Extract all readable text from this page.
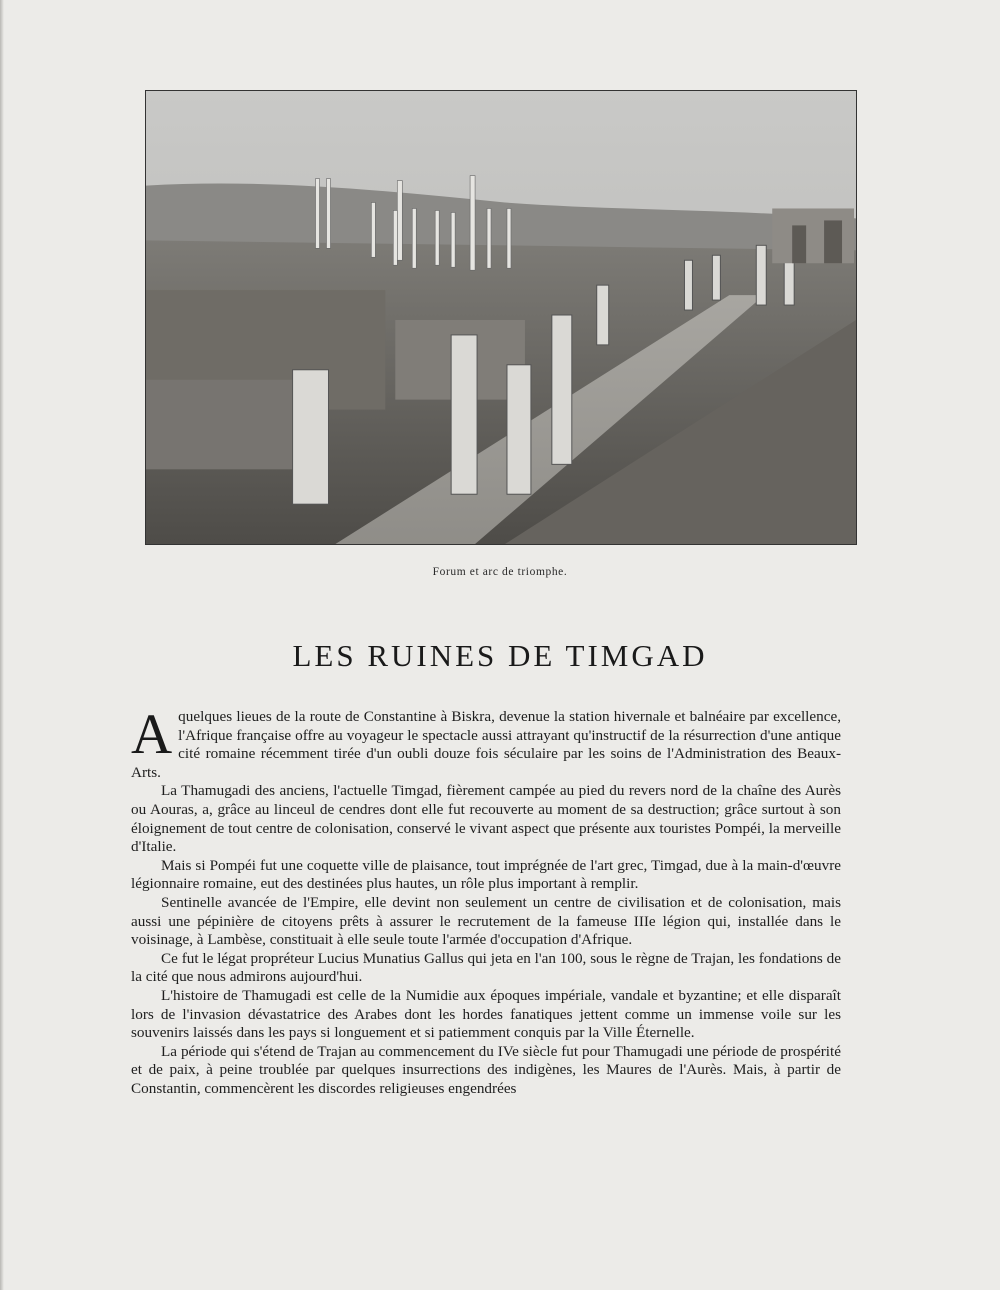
Forum et arc de triomphe.
LES RUINES DE TIMGAD

Aquelques lieues de la route de Constantine à Biskra, devenue la station hivernale et balnéaire par excellence, l'Afrique française offre au voyageur le spectacle aussi attrayant qu'instructif de la résurrection d'une antique cité romaine récemment tirée d'un oubli douze fois séculaire par les soins de l'Administration des Beaux-Arts.

La Thamugadi des anciens, l'actuelle Timgad, fièrement campée au pied du revers nord de la chaîne des Aurès ou Aouras, a, grâce au linceul de cendres dont elle fut recouverte au moment de sa destruction; grâce surtout à son éloignement de tout centre de colonisation, conservé le vivant aspect que présente aux touristes Pompéi, la merveille d'Italie.

Mais si Pompéi fut une coquette ville de plaisance, tout imprégnée de l'art grec, Timgad, due à la main-d'œuvre légionnaire romaine, eut des destinées plus hautes, un rôle plus important à remplir.

Sentinelle avancée de l'Empire, elle devint non seulement un centre de civilisation et de colonisation, mais aussi une pépinière de citoyens prêts à assurer le recrutement de la fameuse IIIe légion qui, installée dans le voisinage, à Lambèse, constituait à elle seule toute l'armée d'occupation d'Afrique.

Ce fut le légat propréteur Lucius Munatius Gallus qui jeta en l'an 100, sous le règne de Trajan, les fondations de la cité que nous admirons aujourd'hui.

L'histoire de Thamugadi est celle de la Numidie aux époques impériale, vandale et byzantine; et elle disparaît lors de l'invasion dévastatrice des Arabes dont les hordes fanatiques jettent comme un immense voile sur les souvenirs laissés dans les pays si longuement et si patiemment conquis par la Ville Éternelle.

La période qui s'étend de Trajan au commencement du IVe siècle fut pour Thamugadi une période de prospérité et de paix, à peine troublée par quelques insurrections des indigènes, les Maures de l'Aurès. Mais, à partir de Constantin, commencèrent les discordes religieuses engendrées
